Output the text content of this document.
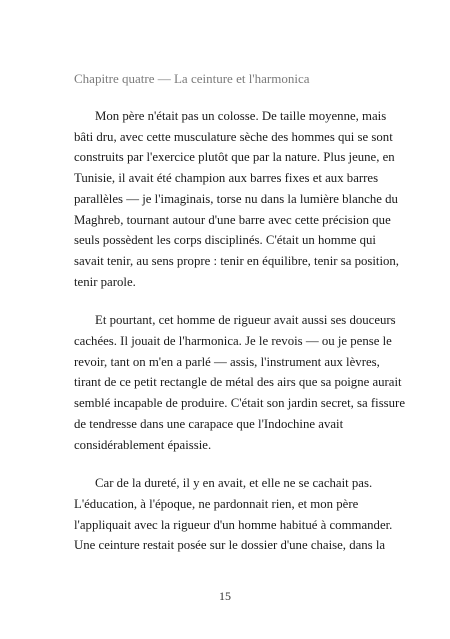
Chapitre quatre — La ceinture et l'harmonica

Mon père n'était pas un colosse. De taille moyenne, mais
bâti dru, avec cette musculature sèche des hommes qui se sont
construits par l'exercice plutôt que par la nature. Plus jeune, en
Tunisie, il avait été champion aux barres fixes et aux barres
parallèles — je l'imaginais, torse nu dans la lumière blanche du
Maghreb, tournant autour d'une barre avec cette précision que
seuls possèdent les corps disciplinés. C'était un homme qui
savait tenir, au sens propre : tenir en équilibre, tenir sa position,
tenir parole.

Et pourtant, cet homme de rigueur avait aussi ses douceurs
cachées. Il jouait de l'harmonica. Je le revois — ou je pense le
revoir, tant on m'en a parlé — assis, l'instrument aux lèvres,
tirant de ce petit rectangle de métal des airs que sa poigne aurait
semblé incapable de produire. C'était son jardin secret, sa fissure
de tendresse dans une carapace que l'Indochine avait
considérablement épaissie.

Car de la dureté, il y en avait, et elle ne se cachait pas.
L'éducation, à l'époque, ne pardonnait rien, et mon père
l'appliquait avec la rigueur d'un homme habitué à commander.
Une ceinture restait posée sur le dossier d'une chaise, dans la

15
